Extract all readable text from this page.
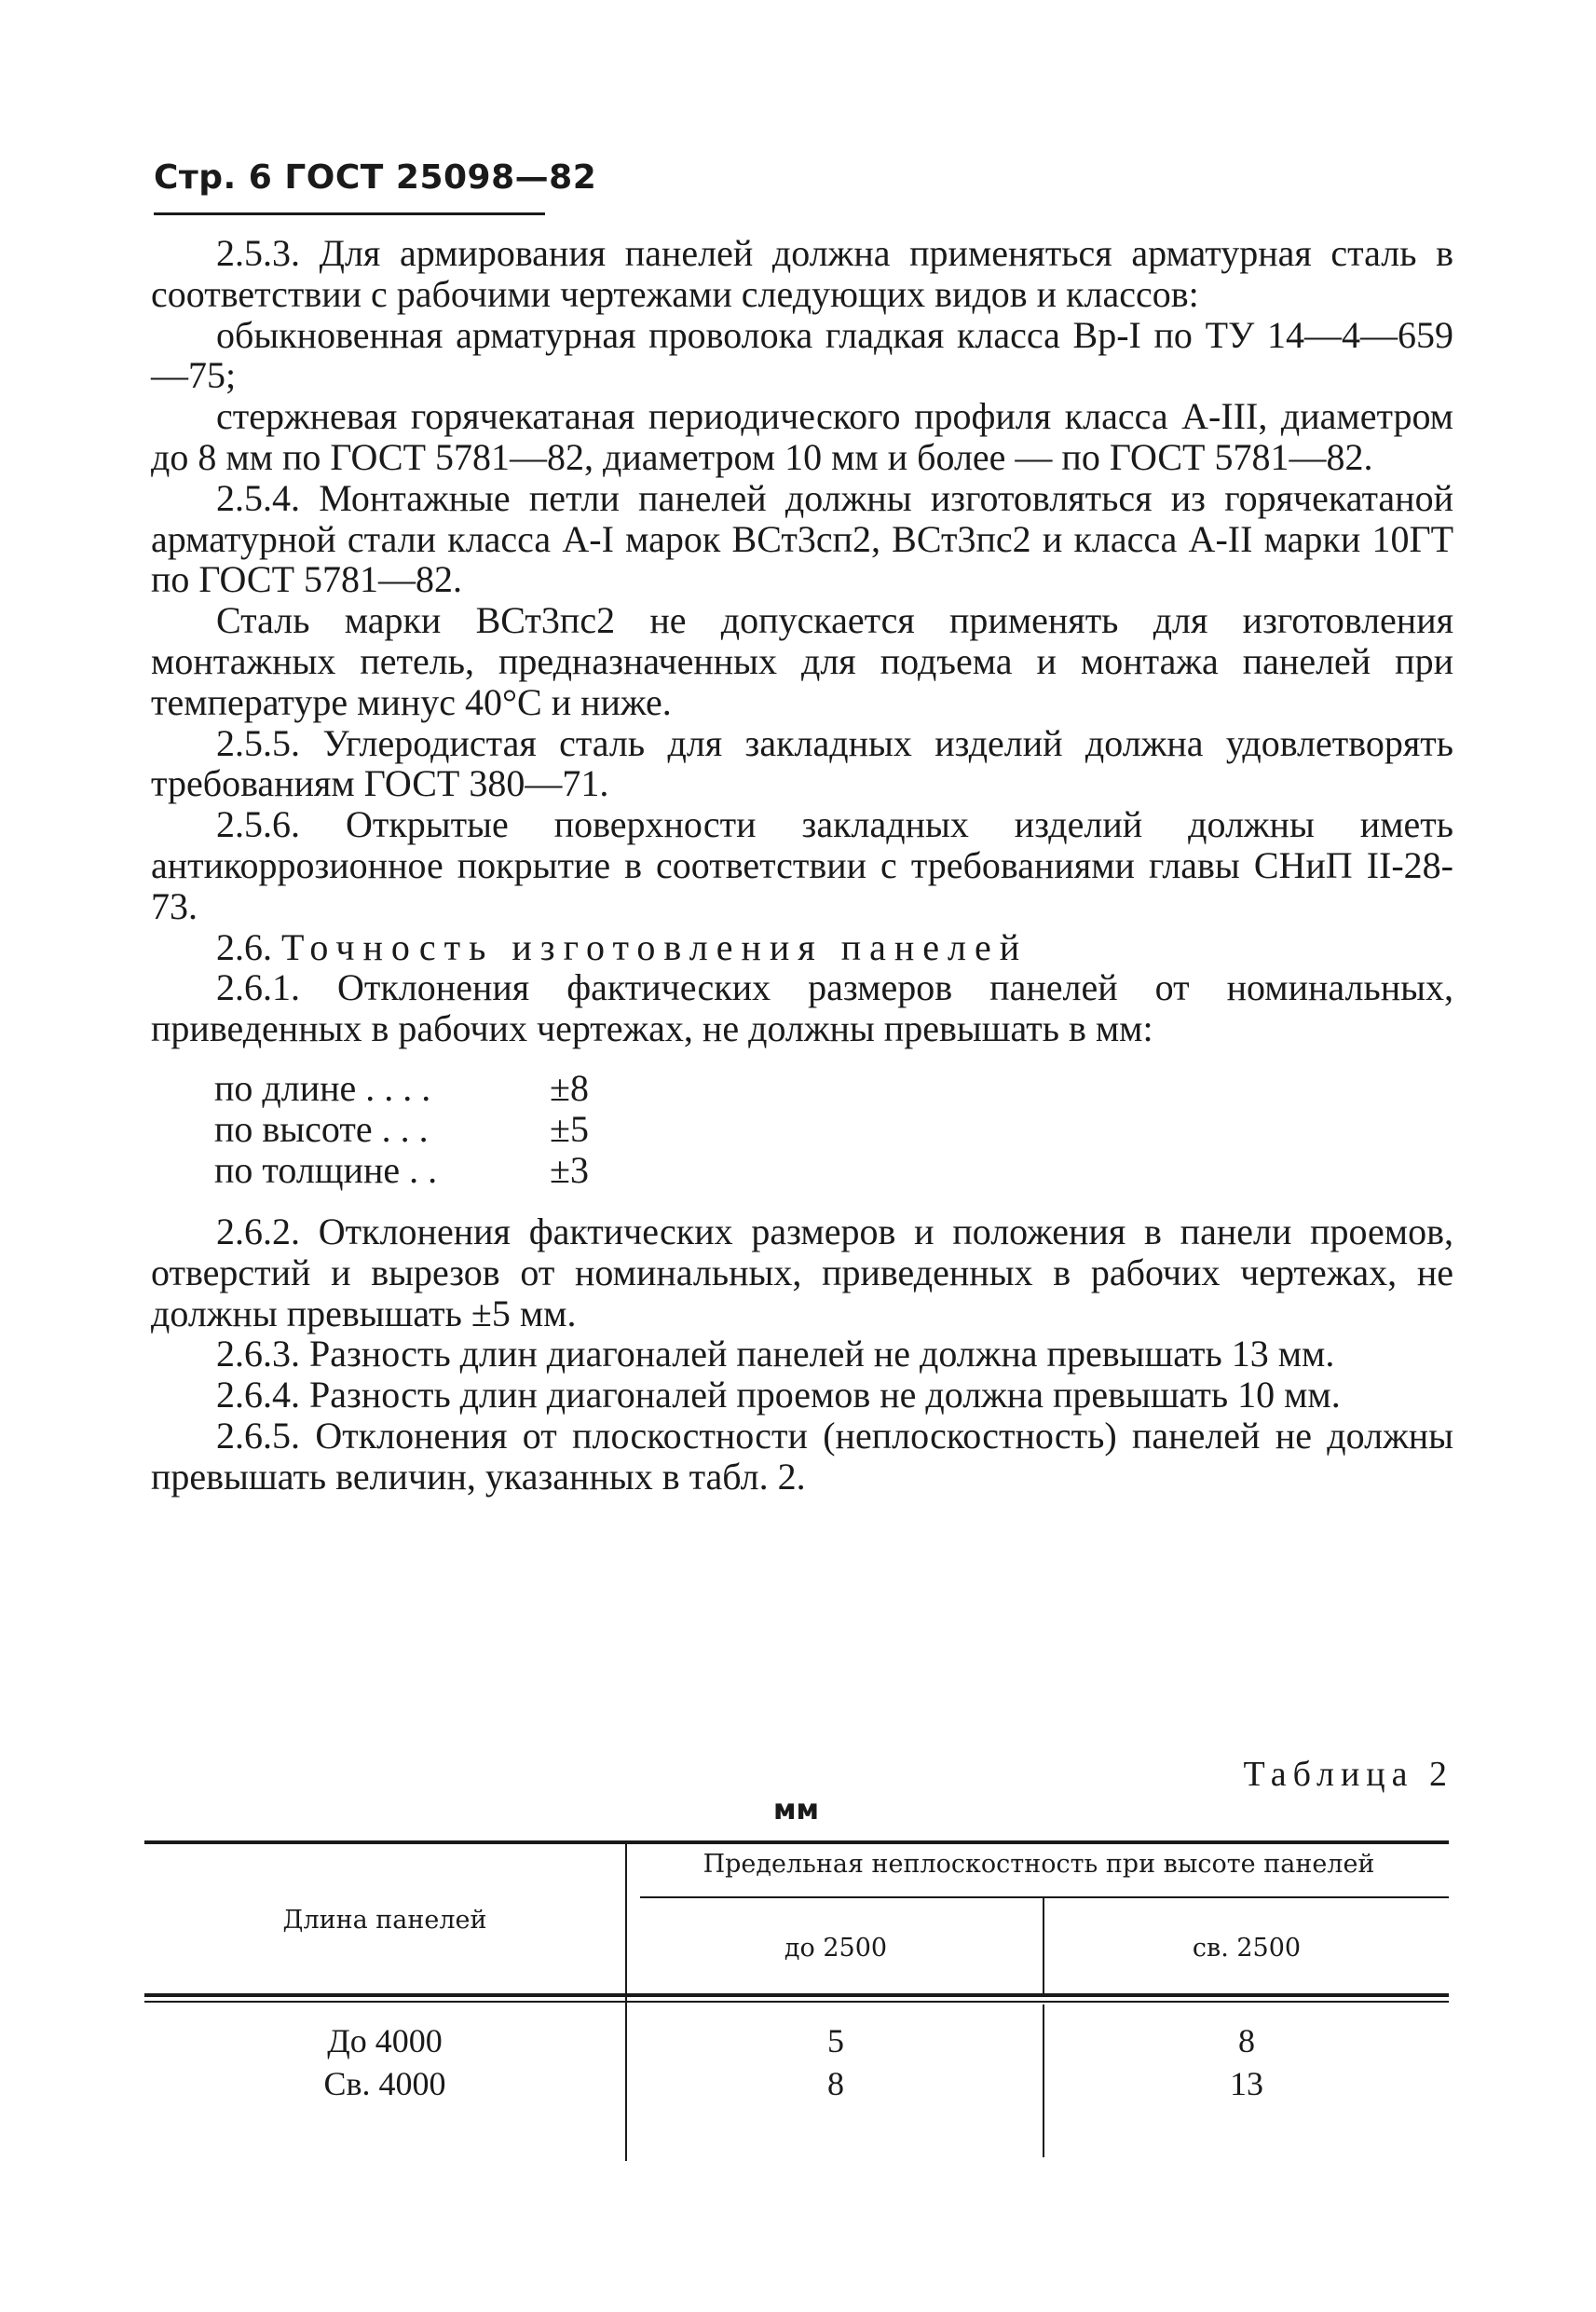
Стр. 6 ГОСТ 25098—82

2.5.3. Для армирования панелей должна применяться арматурная сталь в соответствии с рабочими чертежами следующих видов и классов:

обыкновенная арматурная проволока гладкая класса Bp-I по ТУ 14—4—659—75;

стержневая горячекатаная периодического профиля класса A-III, диаметром до 8 мм по ГОСТ 5781—82, диаметром 10 мм и более — по ГОСТ 5781—82.

2.5.4. Монтажные петли панелей должны изготовляться из горячекатаной арматурной стали класса A-I марок ВСт3сп2, ВСт3пс2 и класса A-II марки 10ГТ по ГОСТ 5781—82.

Сталь марки ВСт3пс2 не допускается применять для изготовления монтажных петель, предназначенных для подъема и монтажа панелей при температуре минус 40°С и ниже.

2.5.5. Углеродистая сталь для закладных изделий должна удовлетворять требованиям ГОСТ 380—71.

2.5.6. Открытые поверхности закладных изделий должны иметь антикоррозионное покрытие в соответствии с требованиями главы СНиП II-28-73.

2.6. Точность изготовления панелей

2.6.1. Отклонения фактических размеров панелей от номинальных, приведенных в рабочих чертежах, не должны превышать в мм:

по длине . . . .	±8
по высоте . . .	±5
по толщине . .	±3

2.6.2. Отклонения фактических размеров и положения в панели проемов, отверстий и вырезов от номинальных, приведенных в рабочих чертежах, не должны превышать ±5 мм.

2.6.3. Разность длин диагоналей панелей не должна превышать 13 мм.

2.6.4. Разность длин диагоналей проемов не должна превышать 10 мм.

2.6.5. Отклонения от плоскостности (неплоскостность) панелей не должны превышать величин, указанных в табл. 2.

Таблица 2
мм
Длина панелей
Предельная неплоскостность при высоте панелей
до 2500	св. 2500
До 4000	5	8
Св. 4000	8	13
